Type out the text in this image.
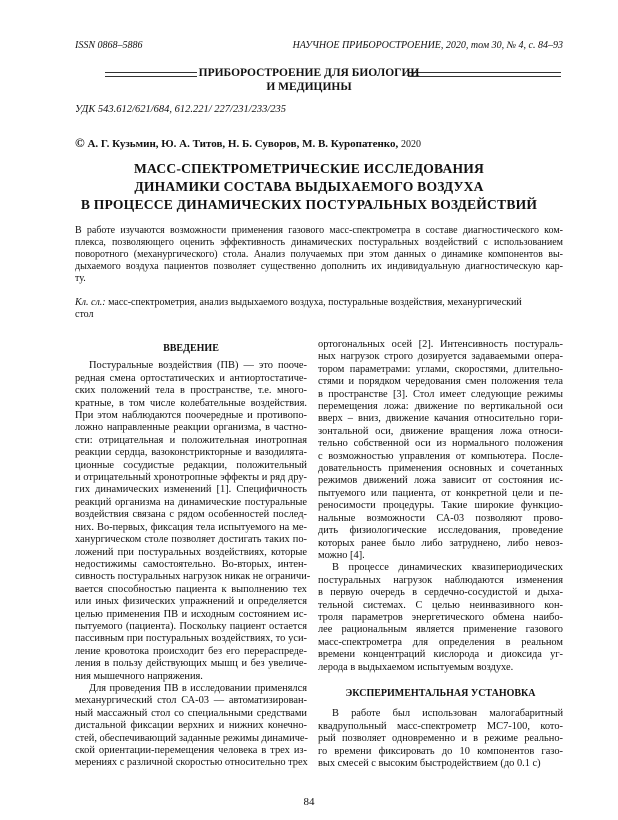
ISSN 0868–5886	НАУЧНОЕ ПРИБОРОСТРОЕНИЕ, 2020, том 30, № 4, с. 84–93
ПРИБОРОСТРОЕНИЕ ДЛЯ БИОЛОГИИ
И МЕДИЦИНЫ
УДК 543.612/621/684, 612.221/ 227/231/233/235
© А. Г. Кузьмин, Ю. А. Титов, Н. Б. Суворов, М. В. Куропатенко, 2020
МАСС-СПЕКТРОМЕТРИЧЕСКИЕ ИССЛЕДОВАНИЯ
ДИНАМИКИ СОСТАВА ВЫДЫХАЕМОГО ВОЗДУХА
В ПРОЦЕССЕ ДИНАМИЧЕСКИХ ПОСТУРАЛЬНЫХ ВОЗДЕЙСТВИЙ
В работе изучаются возможности применения газового масс-спектрометра в составе диагностического ком-
плекса, позволяющего оценить эффективность динамических постуральных воздействий с использованием
поворотного (механургического) стола. Анализ получаемых при этом данных о динамике компонентов вы-
дыхаемого воздуха пациентов позволяет существенно дополнить их индивидуальную диагностическую кар-
ту.
Кл. сл.: масс-спектрометрия, анализ выдыхаемого воздуха, постуральные воздействия, механургический
стол
ВВЕДЕНИЕ
Постуральные воздействия (ПВ) — это пооче-
редная смена ортостатических и антиортостатиче-
ских положений тела в пространстве, т.е. много-
кратные, в том числе колебательные воздействия.
При этом наблюдаются поочередные и противопо-
ложно направленные реакции организма, в частно-
сти: отрицательная и положительная инотропная
реакции сердца, вазоконстрикторные и вазодилята-
ционные сосудистые редакции, положительный
и отрицательный хронотропные эффекты и ряд дру-
гих динамических изменений [1]. Специфичность
реакций организма на динамические постуральные
воздействия связана с рядом особенностей послед-
них. Во-первых, фиксация тела испытуемого на ме-
ханургическом столе позволяет достигать таких по-
ложений при постуральных воздействиях, которые
недостижимы самостоятельно. Во-вторых, интен-
сивность постуральных нагрузок никак не ограничи-
вается способностью пациента к выполнению тех
или иных физических упражнений и определяется
целью применения ПВ и исходным состоянием ис-
пытуемого (пациента). Поскольку пациент остается
пассивным при постуральных воздействиях, то уси-
ление кровотока происходит без его перераспреде-
ления в пользу действующих мышц и без увеличе-
ния мышечного напряжения.
Для проведения ПВ в исследовании применялся
механургический стол СА-03 — автоматизирован-
ный массажный стол со специальными средствами
дистальной фиксации верхних и нижних конечно-
стей, обеспечивающий заданные режимы динамиче-
ской ориентации-перемещения человека в трех из-
мерениях с различной скоростью относительно трех
ортогональных осей [2]. Интенсивность постураль-
ных нагрузок строго дозируется задаваемыми опера-
тором параметрами: углами, скоростями, длительно-
стями и порядком чередования смен положения тела
в пространстве [3]. Стол имеет следующие режимы
перемещения ложа: движение по вертикальной оси
вверх – вниз, движение качания относительно гори-
зонтальной оси, движение вращения ложа относи-
тельно собственной оси из нормального положения
с возможностью управления от компьютера. После-
довательность применения основных и сочетанных
режимов движений ложа зависит от состояния ис-
пытуемого или пациента, от конкретной цели и пе-
реносимости процедуры. Такие широкие функцио-
нальные возможности СА-03 позволяют прово-
дить физиологические исследования, проведение
которых ранее было либо затруднено, либо невоз-
можно [4].
В процессе динамических квазипериодических
постуральных нагрузок наблюдаются изменения
в первую очередь в сердечно-сосудистой и дыха-
тельной системах. С целью неинвазивного кон-
троля параметров энергетического обмена наибо-
лее рациональным является применение газового
масс-спектрометра для определения в реальном
времени концентраций кислорода и диоксида уг-
лерода в выдыхаемом испытуемым воздухе.
ЭКСПЕРИМЕНТАЛЬНАЯ УСТАНОВКА
В работе был использован малогабаритный
квадрупольный масс-спектрометр МС7-100, кото-
рый позволяет одновременно и в режиме реально-
го времени фиксировать до 10 компонентов газо-
вых смесей с высоким быстродействием (до 0.1 с)
84
